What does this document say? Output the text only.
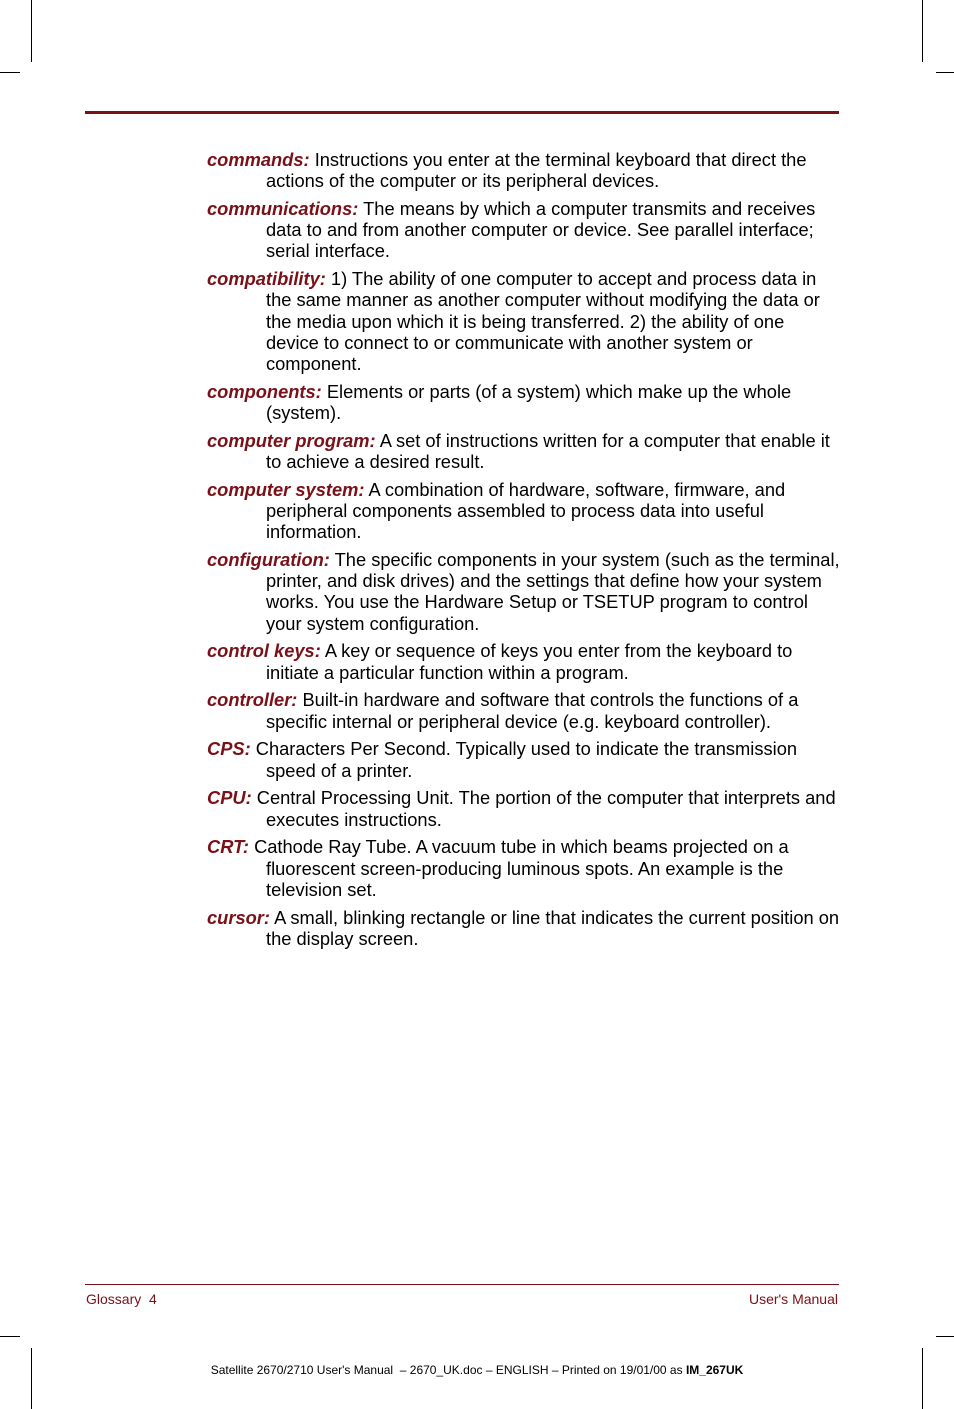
commands: Instructions you enter at the terminal keyboard that direct the actions of the computer or its peripheral devices.

communications: The means by which a computer transmits and receives data to and from another computer or device. See parallel interface; serial interface.

compatibility: 1) The ability of one computer to accept and process data in the same manner as another computer without modifying the data or the media upon which it is being transferred. 2) the ability of one device to connect to or communicate with another system or component.

components: Elements or parts (of a system) which make up the whole (system).

computer program: A set of instructions written for a computer that enable it to achieve a desired result.

computer system: A combination of hardware, software, firmware, and peripheral components assembled to process data into useful information.

configuration: The specific components in your system (such as the terminal, printer, and disk drives) and the settings that define how your system works. You use the Hardware Setup or TSETUP program to control your system configuration.

control keys: A key or sequence of keys you enter from the keyboard to initiate a particular function within a program.

controller: Built-in hardware and software that controls the functions of a specific internal or peripheral device (e.g. keyboard controller).

CPS: Characters Per Second. Typically used to indicate the transmission speed of a printer.

CPU: Central Processing Unit. The portion of the computer that interprets and executes instructions.

CRT: Cathode Ray Tube. A vacuum tube in which beams projected on a fluorescent screen-producing luminous spots. An example is the television set.

cursor: A small, blinking rectangle or line that indicates the current position on the display screen.

Glossary  4	User's Manual
Satellite 2670/2710 User's Manual  – 2670_UK.doc – ENGLISH – Printed on 19/01/00 as IM_267UK
